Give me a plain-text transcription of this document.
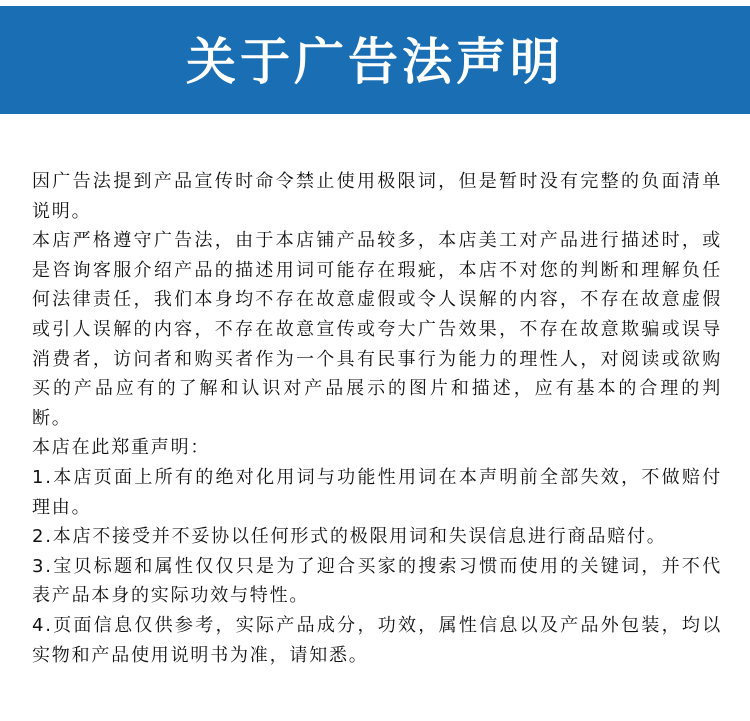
关于广告法声明

因广告法提到产品宣传时命令禁止使用极限词，但是暂时没有完整的负面清单说明。

本店严格遵守广告法，由于本店铺产品较多，本店美工对产品进行描述时，或是咨询客服介绍产品的描述用词可能存在瑕疵，本店不对您的判断和理解负任何法律责任，我们本身均不存在故意虚假或令人误解的内容，不存在故意虚假或引人误解的内容，不存在故意宣传或夸大广告效果，不存在故意欺骗或误导消费者，访问者和购买者作为一个具有民事行为能力的理性人，对阅读或欲购买的产品应有的了解和认识对产品展示的图片和描述，应有基本的合理的判断。

本店在此郑重声明：

1.本店页面上所有的绝对化用词与功能性用词在本声明前全部失效，不做赔付理由。

2.本店不接受并不妥协以任何形式的极限用词和失误信息进行商品赔付。

3.宝贝标题和属性仅仅只是为了迎合买家的搜索习惯而使用的关键词，并不代表产品本身的实际功效与特性。

4.页面信息仅供参考，实际产品成分，功效，属性信息以及产品外包装，均以实物和产品使用说明书为准，请知悉。
